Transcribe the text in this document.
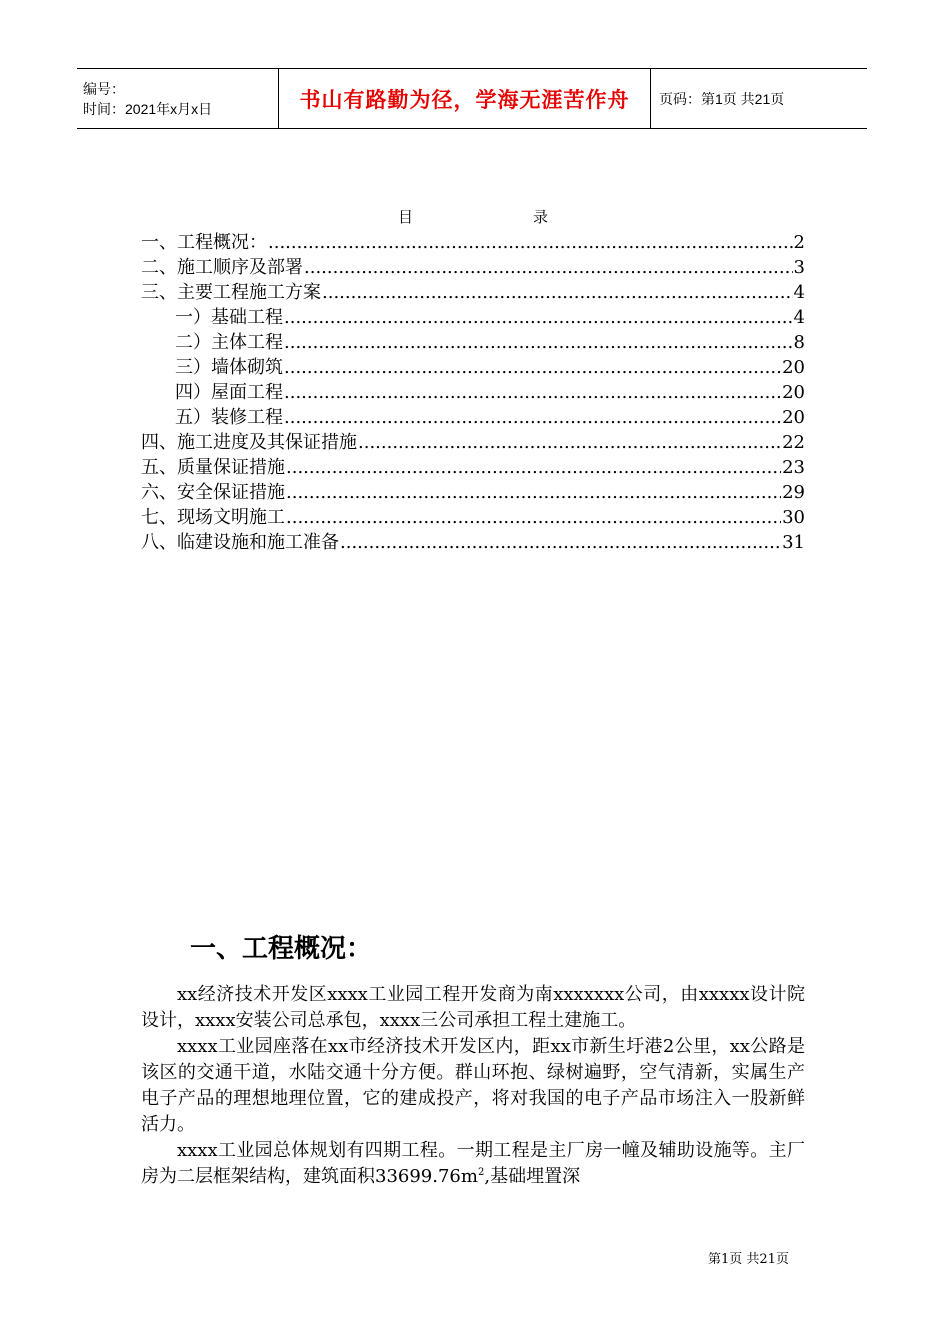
编号：
时间：2021年x月x日	书山有路勤为径，学海无涯苦作舟 页码：第1页 共21页
目	录
一、工程概况： .....	2
二、施工顺序及部署 .....	3
三、主要工程施工方案 .....	4
一）基础工程 .....	4
二）主体工程 .....	8
三）墙体砌筑 .....	20
四）屋面工程 .....	20
五）装修工程 .....	20
四、施工进度及其保证措施 .....	22
五、质量保证措施 .....	23
六、安全保证措施 .....	29
七、现场文明施工 .....	30
八、临建设施和施工准备 .....	31
一、工程概况：

xx经济技术开发区xxxx工业园工程开发商为南xxxxxxx公司，由xxxxx设计院设计，xxxx安装公司总承包，xxxx三公司承担工程土建施工。

xxxx工业园座落在xx市经济技术开发区内，距xx市新生圩港2公里，xx公路是该区的交通干道，水陆交通十分方便。群山环抱、绿树遍野，空气清新，实属生产电子产品的理想地理位置，它的建成投产，将对我国的电子产品市场注入一股新鲜活力。

xxxx工业园总体规划有四期工程。一期工程是主厂房一幢及辅助设施等。主厂房为二层框架结构，建筑面积$33699.76m^2$,基础埋置深

第1页 共21页
